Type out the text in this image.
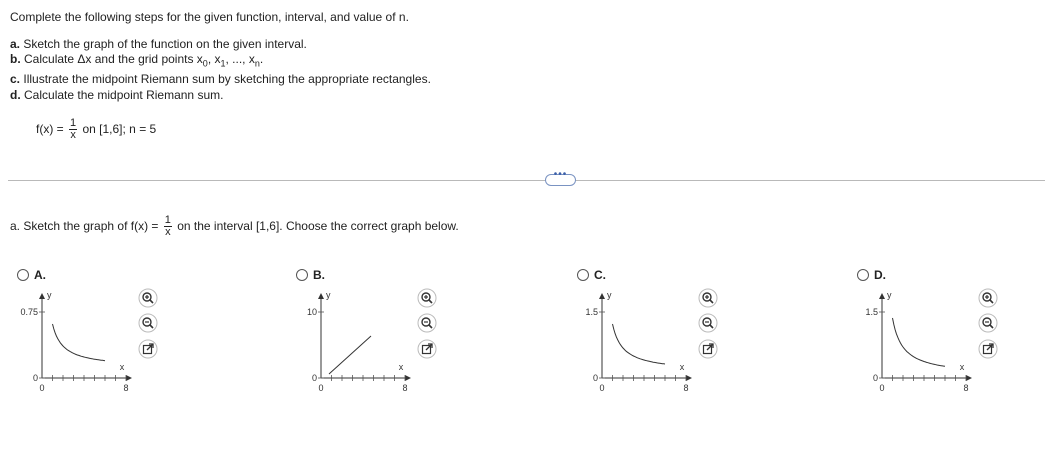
Complete the following steps for the given function, interval, and value of n.
a. Sketch the graph of the function on the given interval.
b. Calculate Δx and the grid points $x_0$, $x_1$, ..., $x_n$.
c. Illustrate the midpoint Riemann sum by sketching the appropriate rectangles.
d. Calculate the midpoint Riemann sum.
$f(x) = \frac{1}{x}$ on [1,6]; n = 5
•••
a. Sketch the graph of $f(x) = \frac{1}{x}$ on the interval [1,6]. Choose the correct graph below.
A.
0.75
0
0	8
y
x
B.
10
0
0	8
y
x
C.
1.5
0
0	8
y
x
D.
1.5
0
0	8
y
x
